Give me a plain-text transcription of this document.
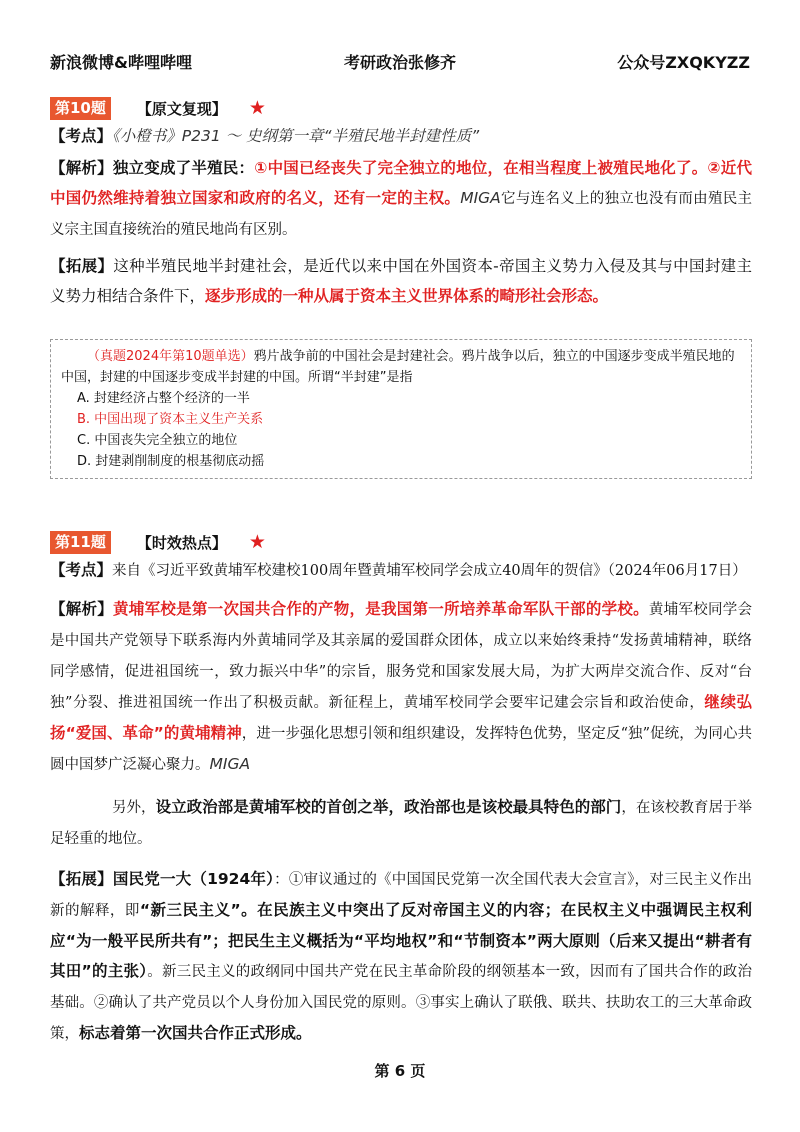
新浪微博&哔哩哔哩	考研政治张修齐	公众号ZXQKYZZ
第10题	【原文复现】 ★

【考点】《小橙书》P231 ～ 史纲第一章“半殖民地半封建性质”

【解析】独立变成了半殖民：①中国已经丧失了完全独立的地位，在相当程度上被殖民地化了。②近代中国仍然维持着独立国家和政府的名义，还有一定的主权。MIGA它与连名义上的独立也没有而由殖民主义宗主国直接统治的殖民地尚有区别。

【拓展】这种半殖民地半封建社会，是近代以来中国在外国资本-帝国主义势力入侵及其与中国封建主义势力相结合条件下，逐步形成的一种从属于资本主义世界体系的畸形社会形态。

（真题2024年第10题单选）鸦片战争前的中国社会是封建社会。鸦片战争以后，独立的中国逐步变成半殖民地的中国，封建的中国逐步变成半封建的中国。所谓“半封建”是指
A. 封建经济占整个经济的一半
B. 中国出现了资本主义生产关系
C. 中国丧失完全独立的地位
D. 封建剥削制度的根基彻底动摇
第11题	【时效热点】 ★

【考点】来自《习近平致黄埔军校建校100周年暨黄埔军校同学会成立40周年的贺信》（2024年06月17日）

【解析】黄埔军校是第一次国共合作的产物，是我国第一所培养革命军队干部的学校。黄埔军校同学会是中国共产党领导下联系海内外黄埔同学及其亲属的爱国群众团体，成立以来始终秉持“发扬黄埔精神，联络同学感情，促进祖国统一，致力振兴中华”的宗旨，服务党和国家发展大局，为扩大两岸交流合作、反对“台独”分裂、推进祖国统一作出了积极贡献。新征程上，黄埔军校同学会要牢记建会宗旨和政治使命，继续弘扬“爱国、革命”的黄埔精神，进一步强化思想引领和组织建设，发挥特色优势，坚定反“独”促统，为同心共圆中国梦广泛凝心聚力。MIGA

另外，设立政治部是黄埔军校的首创之举，政治部也是该校最具特色的部门，在该校教育居于举足轻重的地位。

【拓展】国民党一大（1924年）：①审议通过的《中国国民党第一次全国代表大会宣言》，对三民主义作出新的解释，即“新三民主义”。在民族主义中突出了反对帝国主义的内容；在民权主义中强调民主权利应“为一般平民所共有”；把民生主义概括为“平均地权”和“节制资本”两大原则（后来又提出“耕者有其田”的主张）。新三民主义的政纲同中国共产党在民主革命阶段的纲领基本一致，因而有了国共合作的政治基础。②确认了共产党员以个人身份加入国民党的原则。③事实上确认了联俄、联共、扶助农工的三大革命政策，标志着第一次国共合作正式形成。

第 6 页
